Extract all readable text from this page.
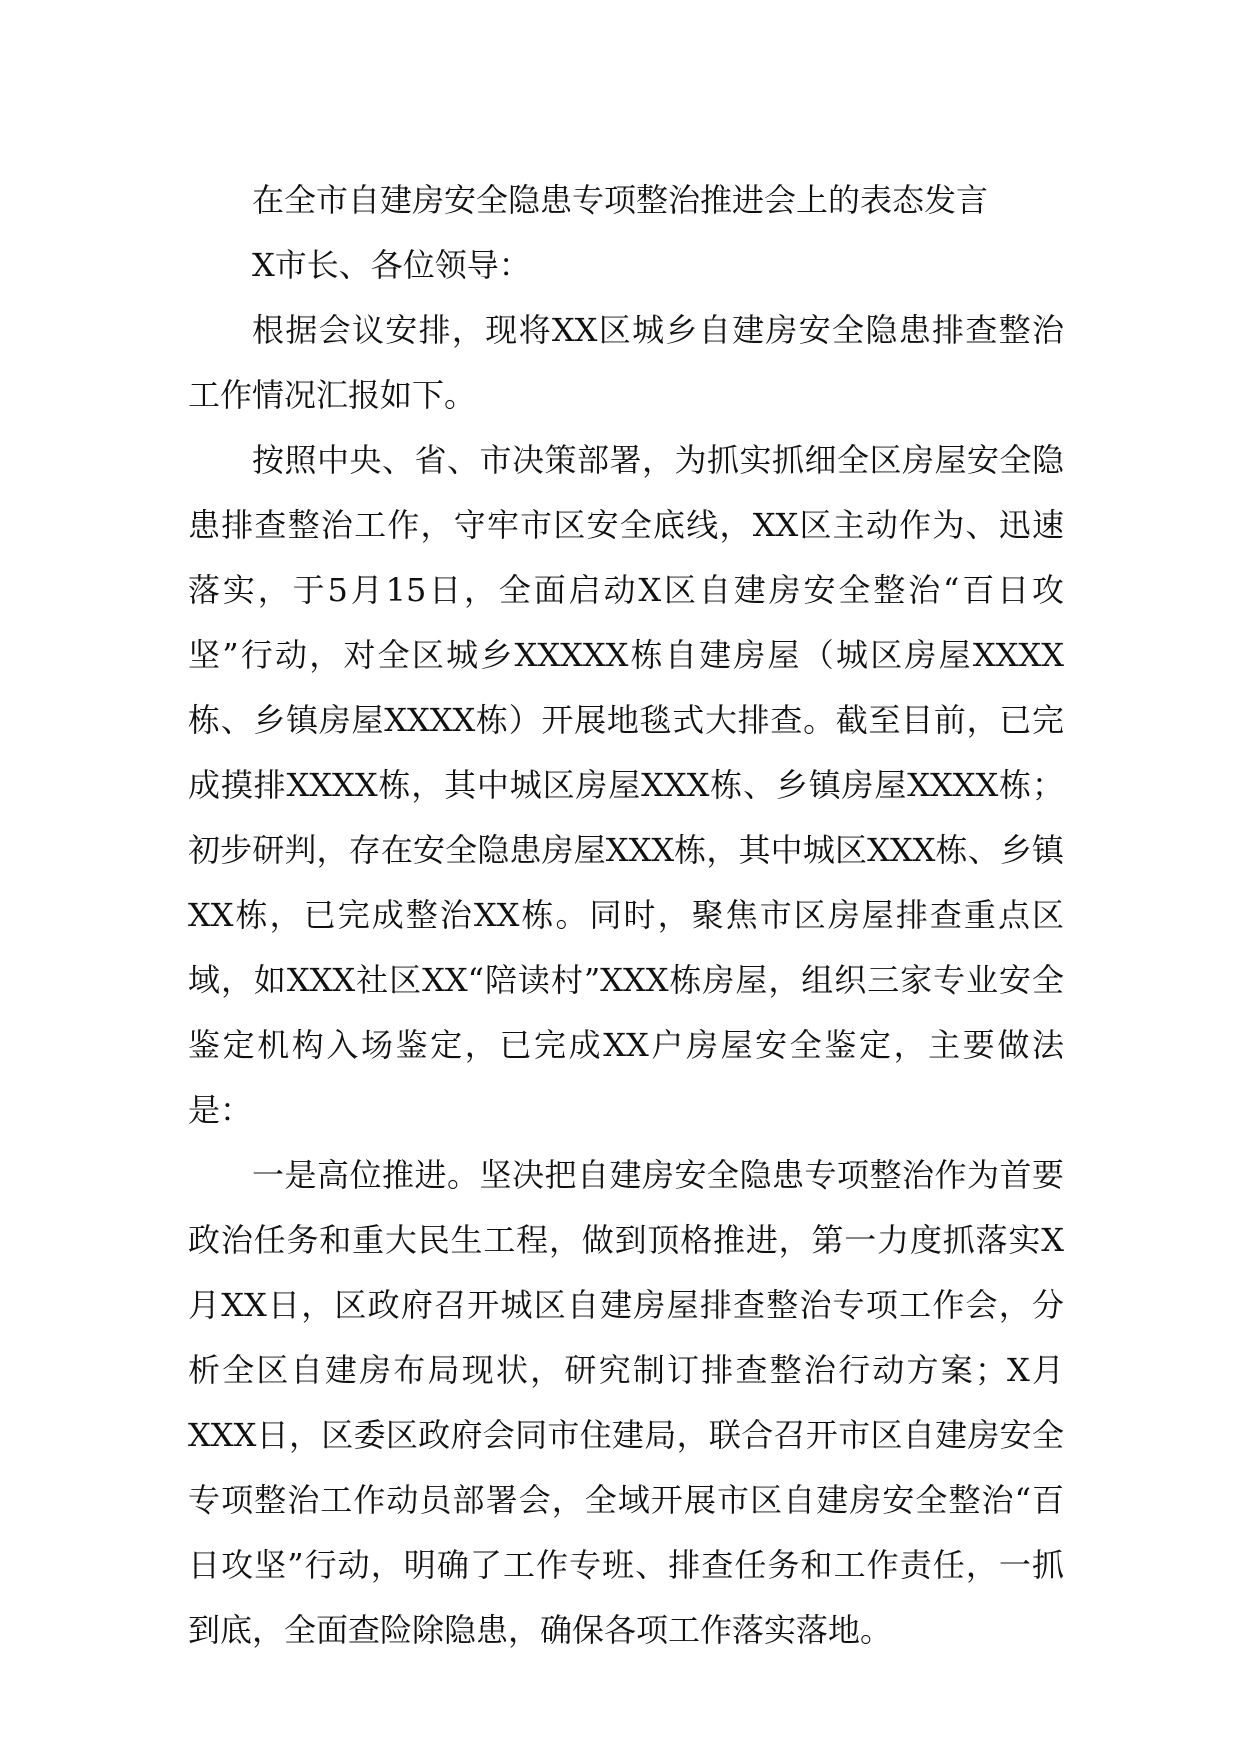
在全市自建房安全隐患专项整治推进会上的表态发言

X市长、各位领导：

根据会议安排，现将XX区城乡自建房安全隐患排查整治工作情况汇报如下。

按照中央、省、市决策部署，为抓实抓细全区房屋安全隐患排查整治工作，守牢市区安全底线，XX区主动作为、迅速落实，于5月15日，全面启动X区自建房安全整治“百日攻坚”行动，对全区城乡XXXXX栋自建房屋（城区房屋XXXX栋、乡镇房屋XXXX栋）开展地毯式大排查。截至目前，已完成摸排XXXX栋，其中城区房屋XXX栋、乡镇房屋XXXX栋；初步研判，存在安全隐患房屋XXX栋，其中城区XXX栋、乡镇XX栋，已完成整治XX栋。同时，聚焦市区房屋排查重点区域，如XXX社区XX“陪读村”XXX栋房屋，组织三家专业安全鉴定机构入场鉴定，已完成XX户房屋安全鉴定，主要做法是：

一是高位推进。坚决把自建房安全隐患专项整治作为首要政治任务和重大民生工程，做到顶格推进，第一力度抓落实X月XX日，区政府召开城区自建房屋排查整治专项工作会，分析全区自建房布局现状，研究制订排查整治行动方案；X月XXX日，区委区政府会同市住建局，联合召开市区自建房安全专项整治工作动员部署会，全域开展市区自建房安全整治“百日攻坚”行动，明确了工作专班、排查任务和工作责任，一抓到底，全面查险除隐患，确保各项工作落实落地。
